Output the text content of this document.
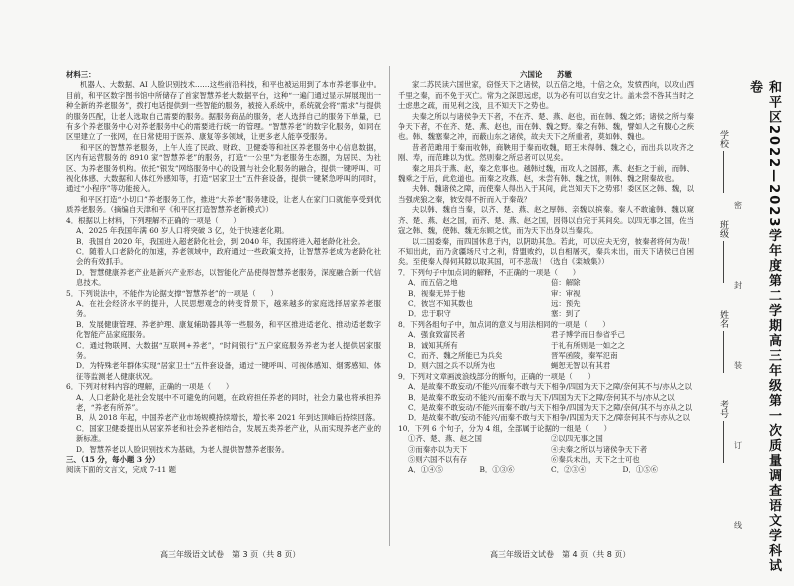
材料三：

机器人、大数据、AI 人脸识别技术……这些前沿科技，和平也被运用到了本市养老事业中。目前，和平区数字图书馆中所储存了首家智慧养老大数据平台，这种“一遍门通过显示屏展现出一种全新的养老服务”，拨打电话提供到一些智能的服务，被接入系统中，系统就会将“需求”与提供的服务匹配，让老人选取自己需要的服务。据服务商品的服务，老人选择自己的服务下单量，已有多个养老服务中心对养老服务中心的需要进行统一的管理。“智慧养老”的数字化服务，如同在区里建立了一张网，在日常使用于医养、康复等多领域，让更多老人能享受服务。

和平区的智慧养老服务，上午人连了民政、财政、卫健委等和社区养老服务中心信息数据，区内有运营服务的 8910 家“智慧养老”的服务，打造“一公里”为老服务生态圈，为居民、为社区、为养老服务机构。依托“银发”网络服务中心的设置与社会化服务的融合，提供一键呼叫、可视化体感、大数据和人体红外感知等，打造“居家卫士”五件套设备，提供一键紧急呼叫的同时，通过“小程序”等功能接入。

和平区打造“小切口”养老服务工作，推进“大养老”服务建设，让老人在家门口就能享受到优质养老服务。（摘编自天津和平《和平区打造智慧养老新模式》）

4．根据以上材料，下列理解不正确的一项是（　　）

A．2025 年我国年满 60 岁人口将突破 3 亿，处于快速老化期。

B．我国自 2020 年，我国进入超老龄化社会，到 2040 年，我国将进入超老龄化社会。

C．随着人口老龄化的加速，养老领域中，政府通过一些政策支持，让智慧养老成为老龄化社会的有效抓手。

D．智慧健康养老产业是新兴产业形态，以智能化产品使得智慧养老服务，深度融合新一代信息技术。

5．下列说法中，不能作为论据支撑“智慧养老”的一项是（　　）

A．在社会经济水平的提升，人民思想观念的转变背景下，越来越多的家庭选择居家养老服务。

B．发展健康管理、养老护理、康复辅助器具等一些服务，和平区推进适老化、推动适老数字化智能产品家庭服务。

C．通过物联网、大数据“互联网+养老”，“时间银行”五户家庭服务养老为老人提供居家服务。

D．为特殊老年群体实现“居家卫士”五件套设备，通过一键呼叫、可视体感知、烟雾感知、体征等监测老人健康状况。

6．下列对材料内容的理解，正确的一项是（　　）

A．人口老龄化是社会发展中不可避免的问题，在政府担任养老的同时，社会力量也将承担养老，“养老有所养”。

B．从 2018 年起，中国养老产业市场规模持续增长，增长率 2021 年到达顶峰后持续回落。

C．国家卫健委提出从居家养老和社会养老相结合，发展五类养老产业，从而实现养老产业的新标准。

D．智慧养老以人脸识别技术为基础，为老人提供智慧养老服务。

三、（15 分，每小题 3 分）

阅读下面的文言文，完成 7-11 题

高三年级语文试卷　第 3 页（共 8 页）

六国论　　苏辙

家二苏民读六国世家，窃怪天下之诸侯，以五倍之地，十倍之众，发愤西向，以攻山西千里之秦，而不免于灭亡。常为之深思远虑，以为必有可以自安之计。盖未尝不咎其当时之士虑患之疏，而见利之浅，且不知天下之势也。

夫秦之所以与诸侯争天下者，不在齐、楚、燕、赵也，而在韩、魏之郊；诸侯之所与秦争天下者，不在齐、楚、燕、赵也，而在韩、魏之野。秦之有韩、魏，譬如人之有腹心之疾也。韩、魏塞秦之冲，而蔽山东之诸侯，故夫天下之所重者，莫如韩、魏也。

昔者范雎用于秦而收韩，商鞅用于秦而收魏，昭王未得韩、魏之心，而出兵以攻齐之刚、寿，而范雎以为忧。然则秦之所忌者可以见矣。

秦之用兵于燕、赵，秦之危事也。越韩过魏，而攻人之国都，燕、赵拒之于前，而韩、魏乘之于后，此危道也。而秦之攻燕、赵，未尝有韩、魏之忧，则韩、魏之附秦故也。

夫韩、魏诸侯之障，而使秦人得出入于其间，此岂知天下之势邪！委区区之韩、魏，以当强虎狼之秦，彼安得不折而入于秦哉？

夫以韩、魏自当秦，以齐、楚、燕、赵之厚韩、亲魏以摈秦。秦人不敢逾韩、魏以窥齐、楚、燕、赵之国，而齐、楚、燕、赵之国，因得以自完于其间矣。以四无事之国，佐当寇之韩、魏，使韩、魏无东顾之忧，而为天下出身以当秦兵。

以二国委秦，而四国休息于内，以阴助其急。若此，可以应夫无穷，彼秦者将何为哉！不知出此，而乃贪疆场尺寸之利，背盟败约，以自相屠灭，秦兵未出，而天下诸侯已自困矣。至使秦人得伺其隙以取其国，可不悲哉！（选自《栾城集》）

7．下列句子中加点词的解释，不正确的一项是（　　）

A．而五倍之地	倍：解除
B．视秦无异于他	审：审视
C．彼岂不知其数也	远：预先
D．忠于职守	塞：到了

8．下列各组句子中，加点词的意义与用法相同的一项是（　　）

A．强食致富民者	君子博学而日参省乎己
B．诚知其所有	于礼有所则是一如之之
C．而齐、魏之所能已为兵矣	晋军函陵，秦军氾南
D．则六国之兵不以所为也	蝇恕无智以有其君

9．下列对文章画波浪线部分的断句，正确的一项是（　　）

A．是故秦不敢妄动/不能兴/而秦不敢与天下相争/四国为天下之障/奈何其不与/亦从之以

B．是故秦不敢妄动不能兴/而秦不敢与天下/四国为天下之障/奈何其不与/亦从之以

C．是故秦不敢妄动/不能兴而秦不敢/与天下相争/四国为天下之障/奈何/其不与亦从之以

D．是故秦不敢/妄动不能兴/而秦不敢与天下相争/四国为天下之/障奈何其不与亦从之以

10．下列 6 个句子，分为 4 组，全部属于论据的一组是（　　）

①齐、楚、燕、赵之国	②以四无事之国
③而秦亦以为天下	④夫秦之所以与诸侯争天下者
⑤则六国不以有存	⑥秦兵未出，天下之士可也
A．①④⑤	B．①③⑥	C．②③④	D．①⑤⑥
高三年级语文试卷　第 4 页（共 8 页）
密
封
装
订
线	和平区2022—2023学年度第二学期高三年级第一次质量调查语文学科试卷
学校
班级
姓名
考号
